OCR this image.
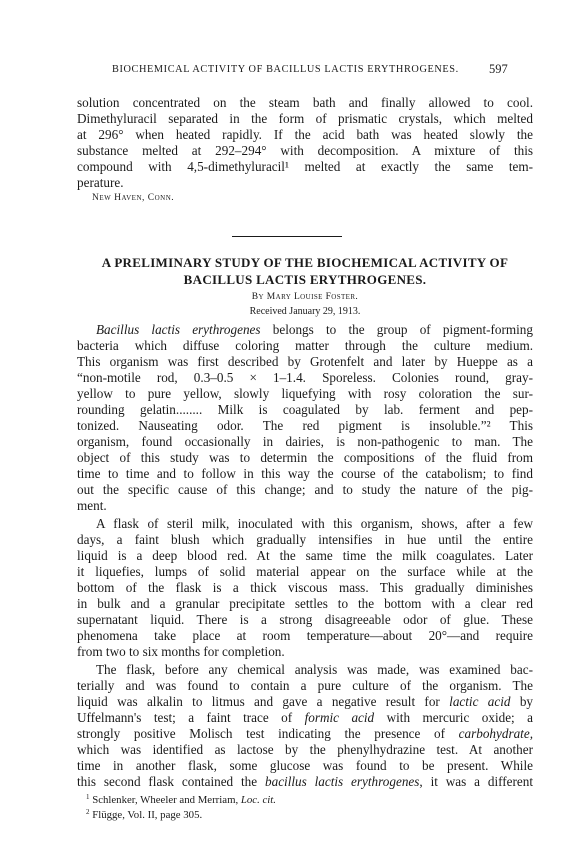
BIOCHEMICAL ACTIVITY OF BACILLUS LACTIS ERYTHROGENES. 597
solution concentrated on the steam bath and finally allowed to cool.
Dimethyluracil separated in the form of prismatic crystals, which melted
at 296° when heated rapidly. If the acid bath was heated slowly the
substance melted at 292–294° with decomposition. A mixture of this
compound with 4,5-dimethyluracil¹ melted at exactly the same tem-
perature.
New Haven, Conn.
A PRELIMINARY STUDY OF THE BIOCHEMICAL ACTIVITY OF
BACILLUS LACTIS ERYTHROGENES.
By Mary Louise Foster.
Received January 29, 1913.
Bacillus lactis erythrogenes belongs to the group of pigment-forming
bacteria which diffuse coloring matter through the culture medium.
This organism was first described by Grotenfelt and later by Hueppe as a
“non-motile rod, 0.3–0.5 × 1–1.4. Sporeless. Colonies round, gray-
yellow to pure yellow, slowly liquefying with rosy coloration the sur-
rounding gelatin........ Milk is coagulated by lab. ferment and pep-
tonized. Nauseating odor. The red pigment is insoluble.”² This
organism, found occasionally in dairies, is non-pathogenic to man. The
object of this study was to determin the compositions of the fluid from
time to time and to follow in this way the course of the catabolism; to find
out the specific cause of this change; and to study the nature of the pig-
ment.
A flask of steril milk, inoculated with this organism, shows, after a few
days, a faint blush which gradually intensifies in hue until the entire
liquid is a deep blood red. At the same time the milk coagulates. Later
it liquefies, lumps of solid material appear on the surface while at the
bottom of the flask is a thick viscous mass. This gradually diminishes
in bulk and a granular precipitate settles to the bottom with a clear red
supernatant liquid. There is a strong disagreeable odor of glue. These
phenomena take place at room temperature—about 20°—and require
from two to six months for completion.
The flask, before any chemical analysis was made, was examined bac-
terially and was found to contain a pure culture of the organism. The
liquid was alkalin to litmus and gave a negative result for lactic acid by
Uffelmann's test; a faint trace of formic acid with mercuric oxide; a
strongly positive Molisch test indicating the presence of carbohydrate,
which was identified as lactose by the phenylhydrazine test. At another
time in another flask, some glucose was found to be present. While
this second flask contained the bacillus lactis erythrogenes, it was a different
$^1$ Schlenker, Wheeler and Merriam, Loc. cit.
$^2$ Flügge, Vol. II, page 305.
